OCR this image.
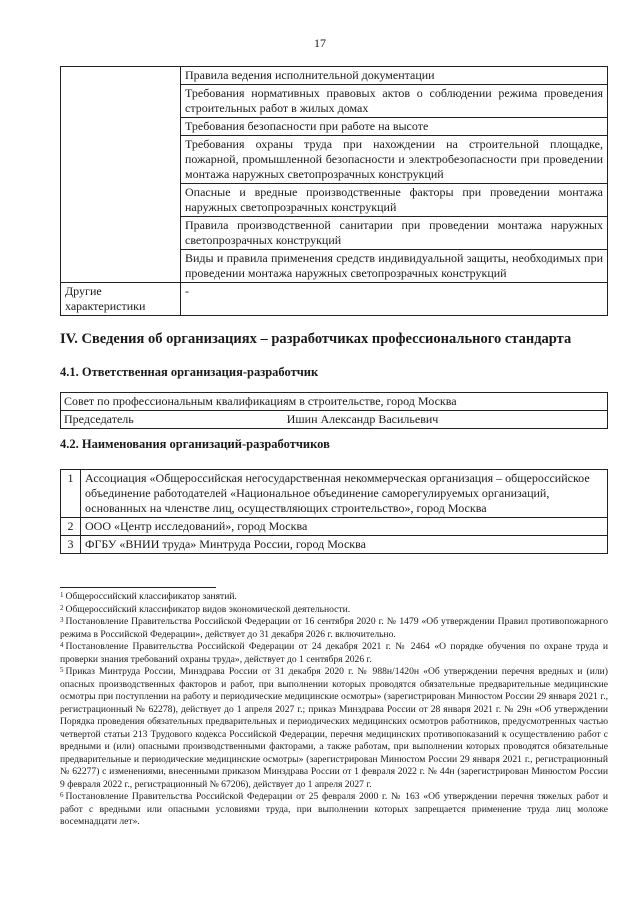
17
	Правила ведения исполнительной документации
	Требования нормативных правовых актов о соблюдении режима проведения строительных работ в жилых домах
	Требования безопасности при работе на высоте
	Требования охраны труда при нахождении на строительной площадке, пожарной, промышленной безопасности и электробезопасности при проведении монтажа наружных светопрозрачных конструкций
	Опасные и вредные производственные факторы при проведении монтажа наружных светопрозрачных конструкций
	Правила производственной санитарии при проведении монтажа наружных светопрозрачных конструкций
	Виды и правила применения средств индивидуальной защиты, необходимых при проведении монтажа наружных светопрозрачных конструкций
Другие характеристики	-
IV. Сведения об организациях – разработчиках профессионального стандарта
4.1. Ответственная организация-разработчик
Совет по профессиональным квалификациям в строительстве, город Москва
Председатель	Ишин Александр Васильевич
4.2. Наименования организаций-разработчиков
1	Ассоциация «Общероссийская негосударственная некоммерческая организация – общероссийское объединение работодателей «Национальное объединение саморегулируемых организаций, основанных на членстве лиц, осуществляющих строительство», город Москва
2	ООО «Центр исследований», город Москва
3	ФГБУ «ВНИИ труда» Минтруда России, город Москва

$^1$ Общероссийский классификатор занятий.

$^2$ Общероссийский классификатор видов экономической деятельности.

$^3$ Постановление Правительства Российской Федерации от 16 сентября 2020 г. № 1479 «Об утверждении Правил противопожарного режима в Российской Федерации», действует до 31 декабря 2026 г. включительно.

$^4$ Постановление Правительства Российской Федерации от 24 декабря 2021 г. № 2464 «О порядке обучения по охране труда и проверки знания требований охраны труда», действует до 1 сентября 2026 г.

$^5$ Приказ Минтруда России, Минздрава России от 31 декабря 2020 г. № 988н/1420н «Об утверждении перечня вредных и (или) опасных производственных факторов и работ, при выполнении которых проводятся обязательные предварительные медицинские осмотры при поступлении на работу и периодические медицинские осмотры» (зарегистрирован Минюстом России 29 января 2021 г., регистрационный № 62278), действует до 1 апреля 2027 г.; приказ Минздрава России от 28 января 2021 г. № 29н «Об утверждении Порядка проведения обязательных предварительных и периодических медицинских осмотров работников, предусмотренных частью четвертой статьи 213 Трудового кодекса Российской Федерации, перечня медицинских противопоказаний к осуществлению работ с вредными и (или) опасными производственными факторами, а также работам, при выполнении которых проводятся обязательные предварительные и периодические медицинские осмотры» (зарегистрирован Минюстом России 29 января 2021 г., регистрационный № 62277) с изменениями, внесенными приказом Минздрава России от 1 февраля 2022 г. № 44н (зарегистрирован Минюстом России 9 февраля 2022 г., регистрационный № 67206), действует до 1 апреля 2027 г.

$^6$ Постановление Правительства Российской Федерации от 25 февраля 2000 г. № 163 «Об утверждении перечня тяжелых работ и работ с вредными или опасными условиями труда, при выполнении которых запрещается применение труда лиц моложе восемнадцати лет».
